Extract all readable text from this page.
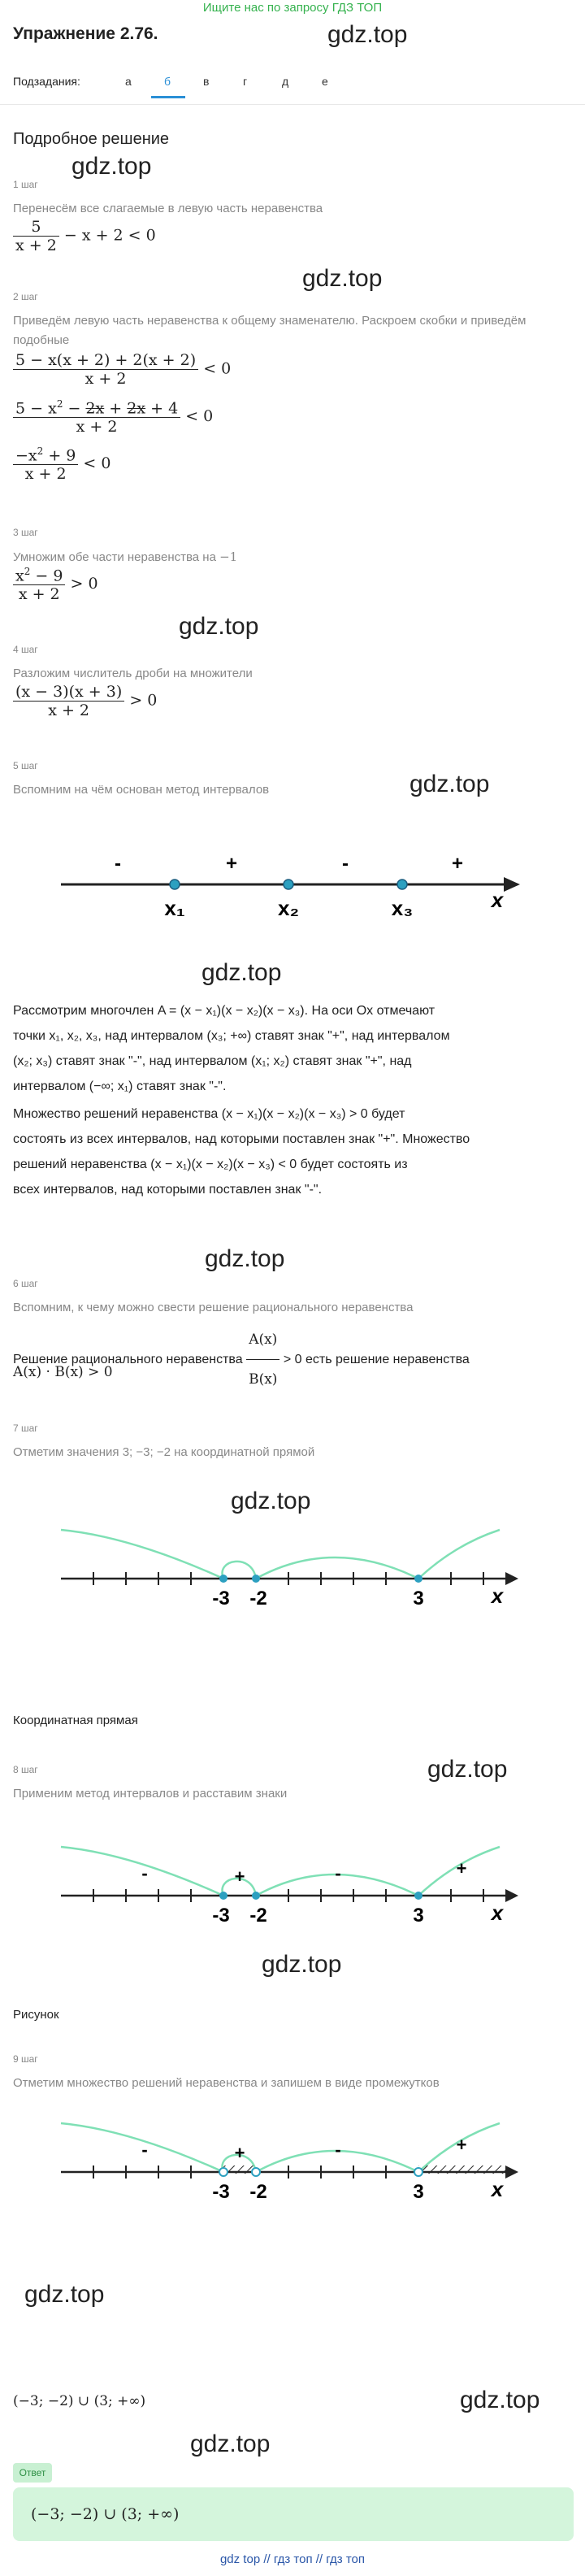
Ищите нас по запросу ГДЗ ТОП
Упражнение 2.76.	gdz.top
Подзадания:	а	б	в	г	д	е
Подробное решение
gdz.top
1 шаг
Перенесём все слагаемые в левую часть неравенства
$\frac{5}{x + 2} - x + 2 < 0$
gdz.top
2 шаг
Приведём левую часть неравенства к общему знаменателю. Раскроем скобки и приведём подобные
$\frac{5 - x(x + 2) + 2(x + 2)}{x + 2} < 0$
$\frac{5 - x^2 - 2x + 2x + 4}{x + 2} < 0$
$\frac{-x^2 + 9}{x + 2} < 0$
3 шаг
Умножим обе части неравенства на −1
$\frac{x^2 - 9}{x + 2} > 0$
gdz.top
4 шаг
Разложим числитель дроби на множители
$\frac{(x - 3)(x + 3)}{x + 2} > 0$
5 шаг
Вспомним на чём основан метод интервалов	gdz.top
-	+	-	+
x₁	x₂	x₃	x
gdz.top
Рассмотрим многочлен A = (x − x₁)(x − x₂)(x − x₃). На оси Ox отмечают
точки x₁, x₂, x₃, над интервалом (x₃; +∞) ставят знак "+", над интервалом
(x₂; x₃) ставят знак "-", над интервалом (x₁; x₂) ставят знак "+", над
интервалом (−∞; x₁) ставят знак "-".
Множество решений неравенства (x − x₁)(x − x₂)(x − x₃) > 0 будет
состоять из всех интервалов, над которыми поставлен знак "+". Множество
решений неравенства (x − x₁)(x − x₂)(x − x₃) < 0 будет состоять из
всех интервалов, над которыми поставлен знак "-".
gdz.top
6 шаг
Вспомним, к чему можно свести решение рационального неравенства
Решение рационального неравенства $\frac{A(x)}{B(x)} > 0$ есть решение неравенства
A(x) · B(x) > 0
7 шаг
Отметим значения 3; −3; −2 на координатной прямой
gdz.top
-3 -2	3	x
Координатная прямая
8 шаг
Применим метод интервалов и расставим знаки
gdz.top
-	+	-	+
-3 -2	3	x
gdz.top
Рисунок
9 шаг
Отметим множество решений неравенства и запишем в виде промежутков
-	+	-	+
-3 -2	3	x
gdz.top
(−3; −2) ∪ (3; +∞)	gdz.top
gdz.top
Ответ
(−3; −2) ∪ (3; +∞)
gdz top // гдз топ // гдз топ
